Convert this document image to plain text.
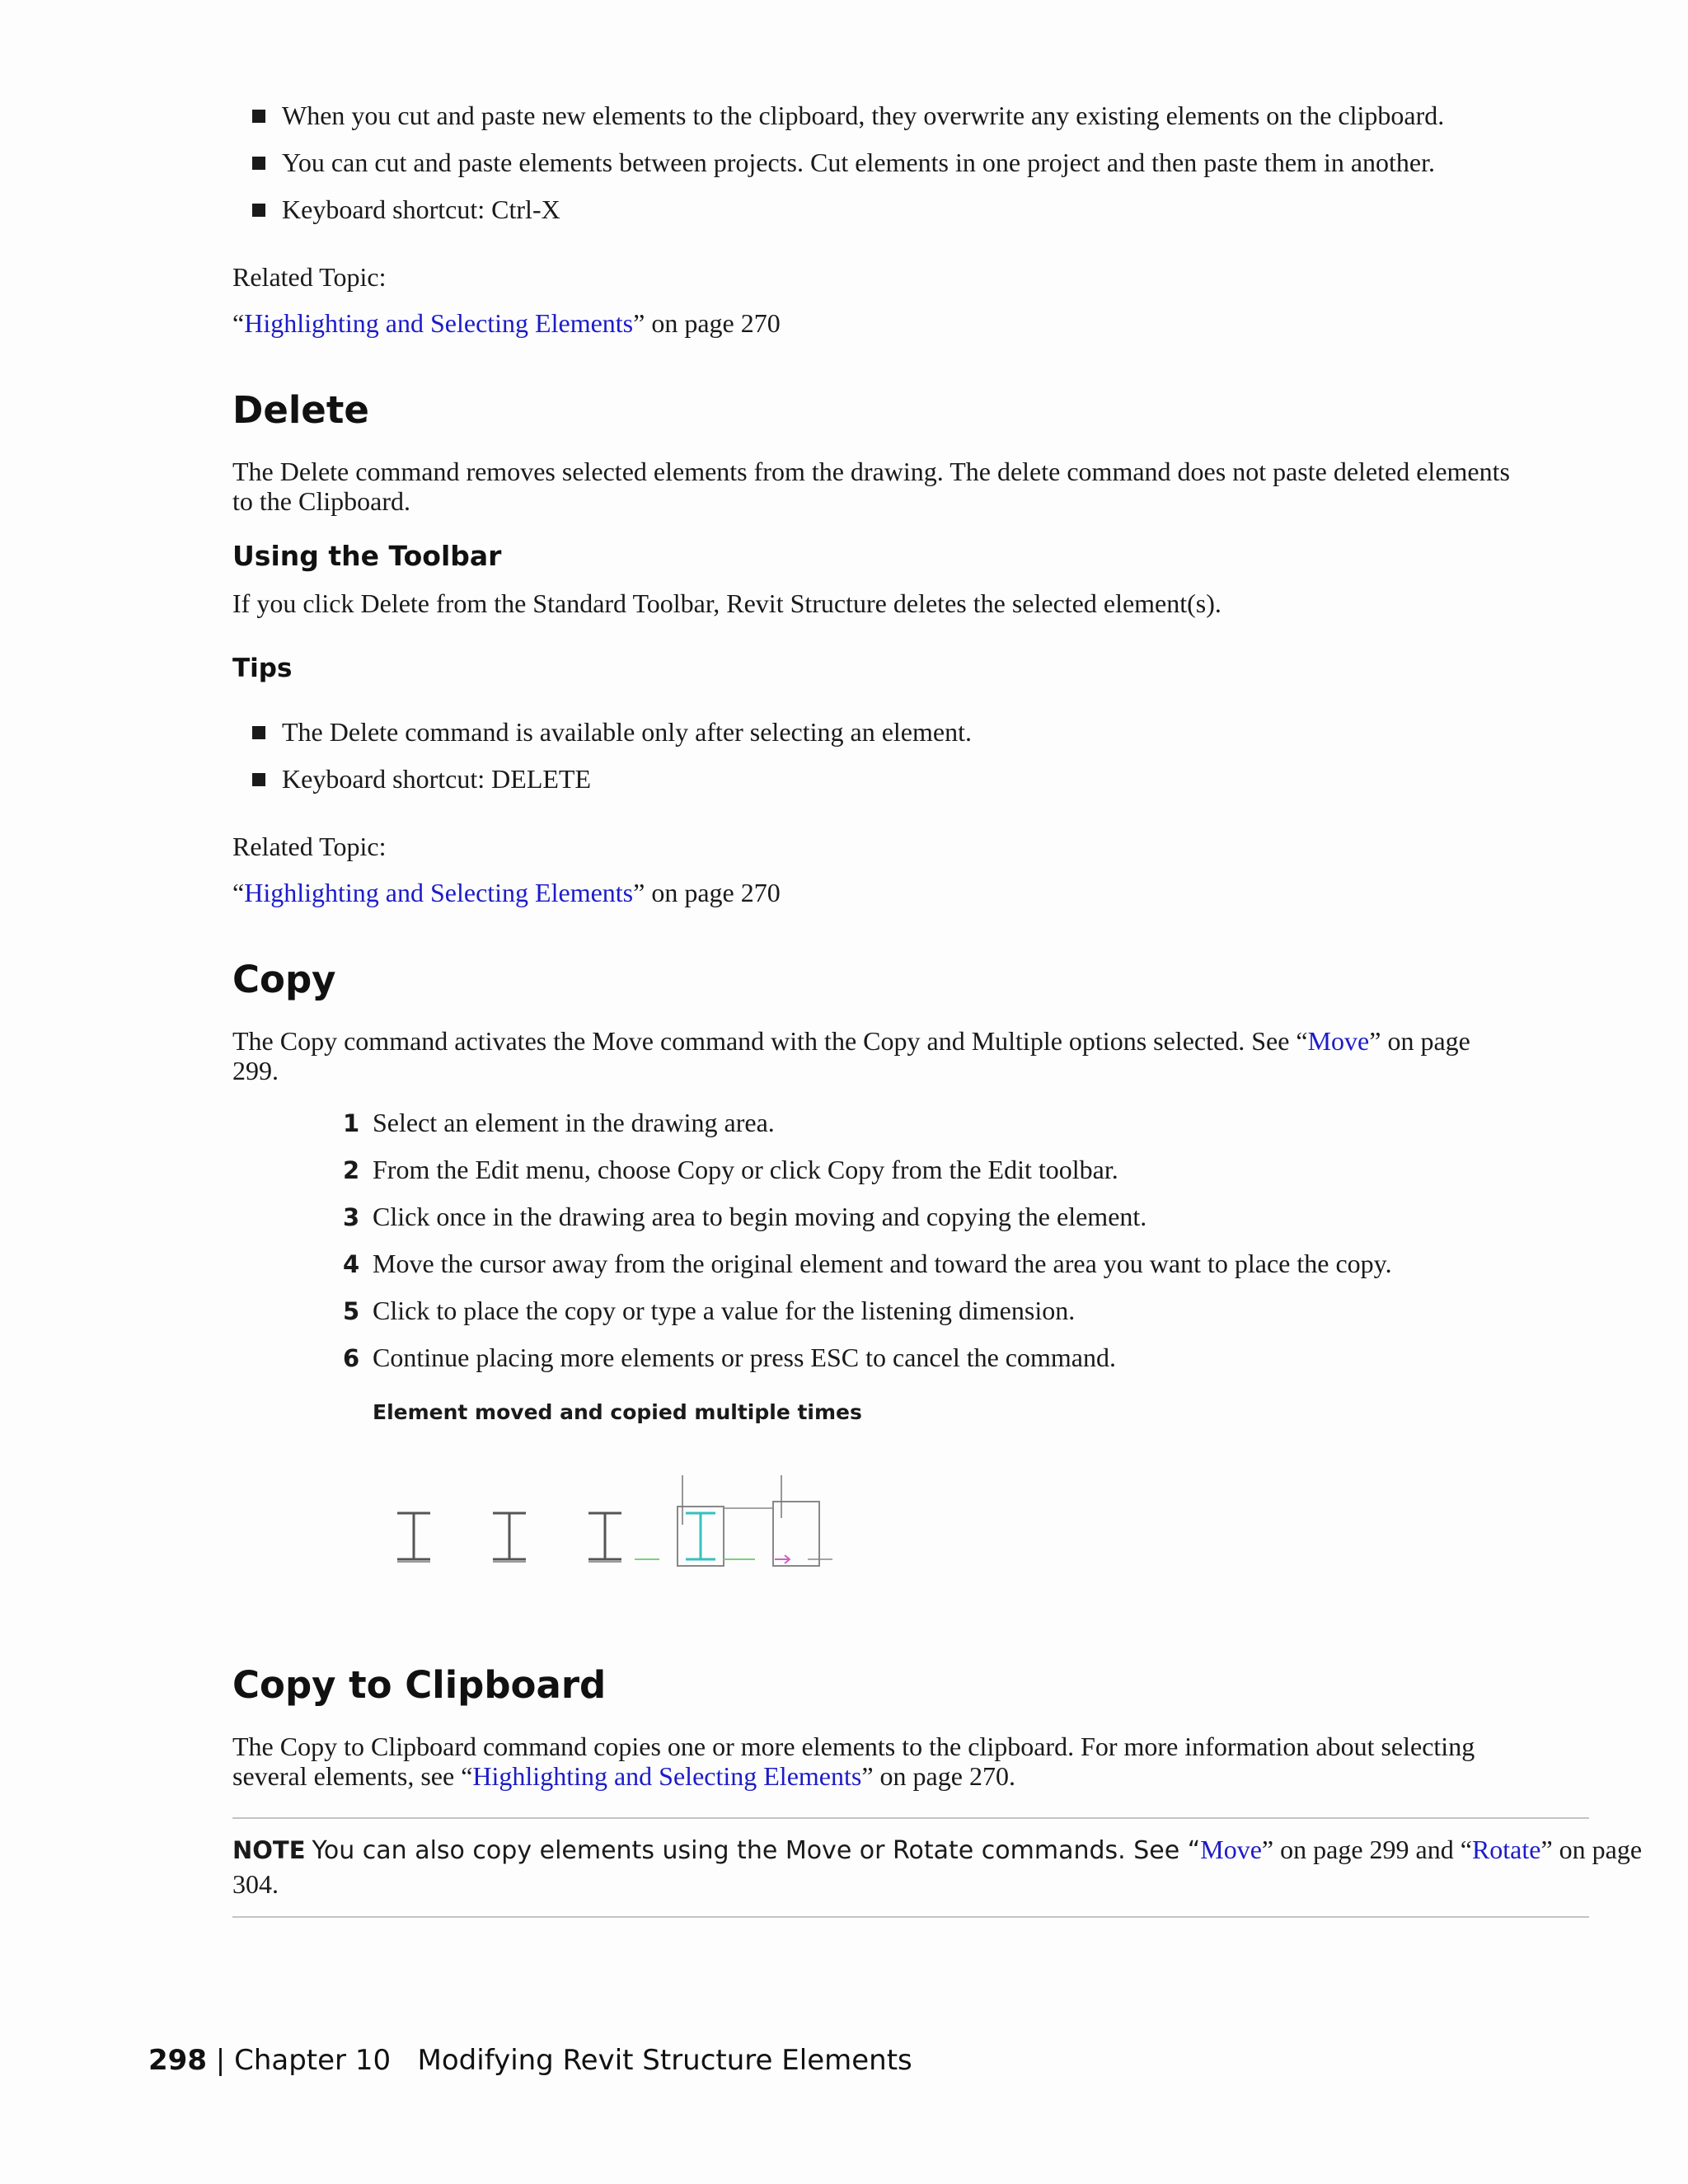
When you cut and paste new elements to the clipboard, they overwrite any existing elements on the clipboard.
You can cut and paste elements between projects. Cut elements in one project and then paste them in another.
Keyboard shortcut: Ctrl-X
Related Topic:
“Highlighting and Selecting Elements” on page 270
Delete
The Delete command removes selected elements from the drawing. The delete command does not paste deleted elements
to the Clipboard.
Using the Toolbar
If you click Delete from the Standard Toolbar, Revit Structure deletes the selected element(s).
Tips
The Delete command is available only after selecting an element.
Keyboard shortcut: DELETE
Related Topic:
“Highlighting and Selecting Elements” on page 270
Copy
The Copy command activates the Move command with the Copy and Multiple options selected. See “Move” on page
299.
1 Select an element in the drawing area.
2 From the Edit menu, choose Copy or click Copy from the Edit toolbar.
3 Click once in the drawing area to begin moving and copying the element.
4 Move the cursor away from the original element and toward the area you want to place the copy.
5 Click to place the copy or type a value for the listening dimension.
6 Continue placing more elements or press ESC to cancel the command.
Element moved and copied multiple times
Copy to Clipboard
The Copy to Clipboard command copies one or more elements to the clipboard. For more information about selecting
several elements, see “Highlighting and Selecting Elements” on page 270.
NOTE You can also copy elements using the Move or Rotate commands. See “Move” on page 299 and “Rotate” on page
304.
298 | Chapter 10 Modifying Revit Structure Elements
